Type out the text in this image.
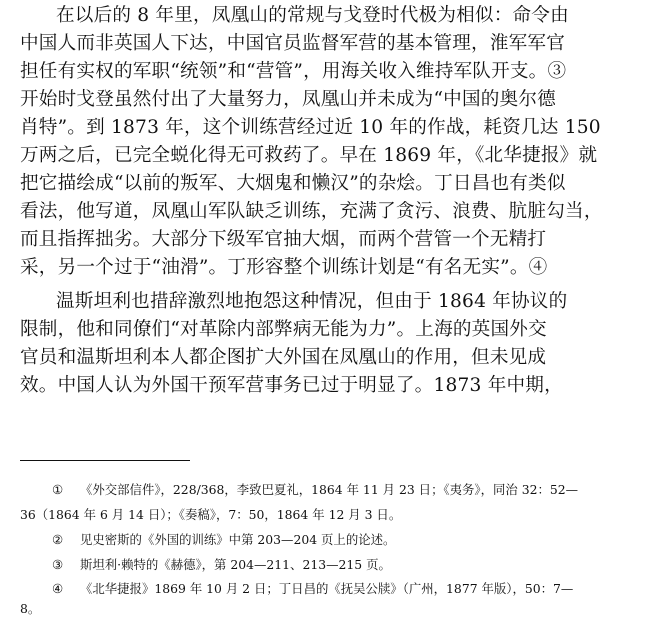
在以后的 8 年里，凤凰山的常规与戈登时代极为相似：命令由
中国人而非英国人下达，中国官员监督军营的基本管理，淮军军官
担任有实权的军职“统领”和“营管”，用海关收入维持军队开支。③
开始时戈登虽然付出了大量努力，凤凰山并未成为“中国的奥尔德
肖特”。到 1873 年，这个训练营经过近 10 年的作战，耗资几达 150
万两之后，已完全蜕化得无可救药了。早在 1869 年，《北华捷报》就
把它描绘成“以前的叛军、大烟鬼和懒汉”的杂烩。丁日昌也有类似
看法，他写道，凤凰山军队缺乏训练，充满了贪污、浪费、肮脏勾当，
而且指挥拙劣。大部分下级军官抽大烟，而两个营管一个无精打
采，另一个过于“油滑”。丁形容整个训练计划是“有名无实”。④
温斯坦利也措辞激烈地抱怨这种情况，但由于 1864 年协议的
限制，他和同僚们“对革除内部弊病无能为力”。上海的英国外交
官员和温斯坦利本人都企图扩大外国在凤凰山的作用，但未见成
效。中国人认为外国干预军营事务已过于明显了。1873 年中期，
① 《外交部信件》，228/368，李致巴夏礼，1864 年 11 月 23 日；《夷务》，同治 32：52—
36（1864 年 6 月 14 日）；《奏稿》，7：50，1864 年 12 月 3 日。
② 见史密斯的《外国的训练》中第 203—204 页上的论述。
③ 斯坦利·赖特的《赫德》，第 204—211、213—215 页。
④ 《北华捷报》1869 年 10 月 2 日；丁日昌的《抚吴公牍》（广州，1877 年版），50：7—
8。
